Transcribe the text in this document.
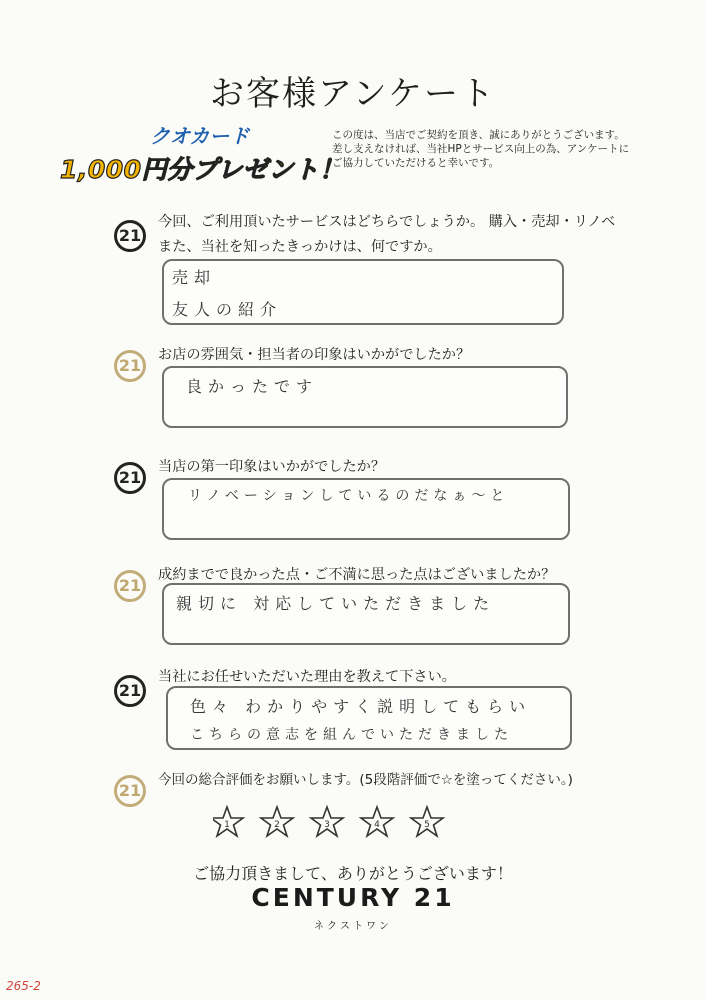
お客様アンケート
クオカード
1,000円分プレゼント！
この度は、当店でご契約を頂き、誠にありがとうございます。
差し支えなければ、当社HPとサービス向上の為、アンケートに
ご協力していただけると幸いです。
21
今回、ご利用頂いたサービスはどちらでしょうか。 購入・売却・リノベ
また、当社を知ったきっかけは、何ですか。
売却
友人の紹介
21
お店の雰囲気・担当者の印象はいかがでしたか？
良かったです
21
当店の第一印象はいかがでしたか？
リノベーションしているのだなぁ〜と
21
成約までで良かった点・ご不満に思った点はございましたか？
親切に 対応していただきました
21
当社にお任せいただいた理由を教えて下さい。
色々 わかりやすく説明してもらい
こちらの意志を組んでいただきました
21
今回の総合評価をお願いします。(5段階評価で☆を塗ってください。)
1	2	3	4	5
ご協力頂きまして、ありがとうございます！
CENTURY 21
ネクストワン
265-2
